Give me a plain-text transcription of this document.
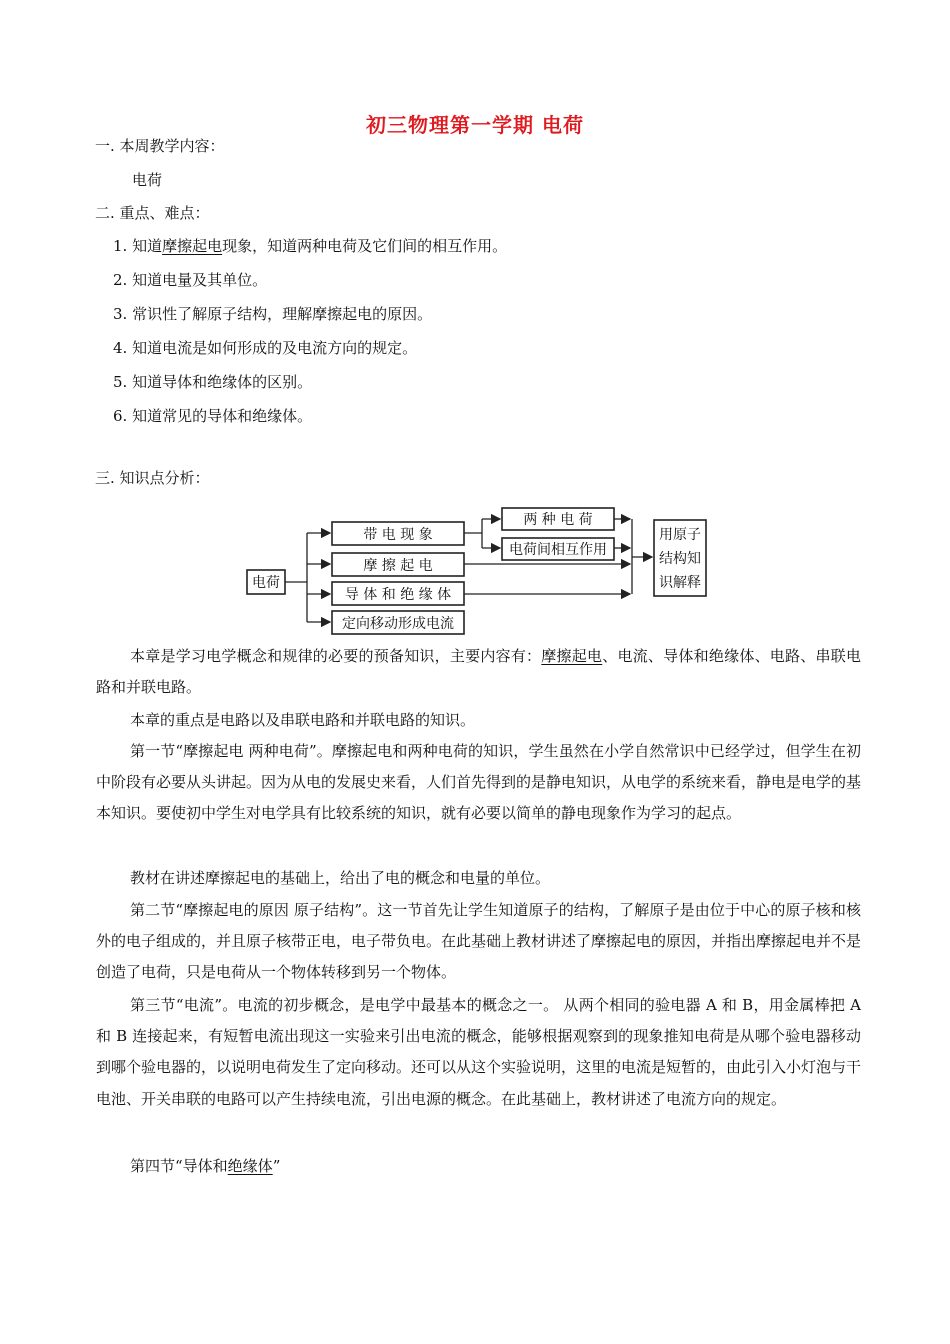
初三物理第一学期 电荷
一. 本周教学内容：
电荷
二. 重点、难点：
1. 知道摩擦起电现象，知道两种电荷及它们间的相互作用。
2. 知道电量及其单位。
3. 常识性了解原子结构，理解摩擦起电的原因。
4. 知道电流是如何形成的及电流方向的规定。
5. 知道导体和绝缘体的区别。
6. 知道常见的导体和绝缘体。
三. 知识点分析：
电荷
带 电 现 象
摩 擦 起 电
导 体 和 绝 缘 体
定向移动形成电流
两 种 电 荷
电荷间相互作用
用原子
结构知
识解释
本章是学习电学概念和规律的必要的预备知识，主要内容有：摩擦起电、电流、导体和绝缘体、电路、串联电路和并联电路。
本章的重点是电路以及串联电路和并联电路的知识。
第一节“摩擦起电 两种电荷”。摩擦起电和两种电荷的知识，学生虽然在小学自然常识中已经学过，但学生在初中阶段有必要从头讲起。因为从电的发展史来看，人们首先得到的是静电知识，从电学的系统来看，静电是电学的基本知识。要使初中学生对电学具有比较系统的知识，就有必要以简单的静电现象作为学习的起点。
教材在讲述摩擦起电的基础上，给出了电的概念和电量的单位。
第二节“摩擦起电的原因 原子结构”。这一节首先让学生知道原子的结构，了解原子是由位于中心的原子核和核外的电子组成的，并且原子核带正电，电子带负电。在此基础上教材讲述了摩擦起电的原因，并指出摩擦起电并不是创造了电荷，只是电荷从一个物体转移到另一个物体。
第三节“电流”。电流的初步概念，是电学中最基本的概念之一。 从两个相同的验电器 A 和 B，用金属棒把 A 和 B 连接起来，有短暂电流出现这一实验来引出电流的概念，能够根据观察到的现象推知电荷是从哪个验电器移动到哪个验电器的，以说明电荷发生了定向移动。还可以从这个实验说明，这里的电流是短暂的，由此引入小灯泡与干电池、开关串联的电路可以产生持续电流，引出电源的概念。在此基础上，教材讲述了电流方向的规定。
第四节“导体和绝缘体”
